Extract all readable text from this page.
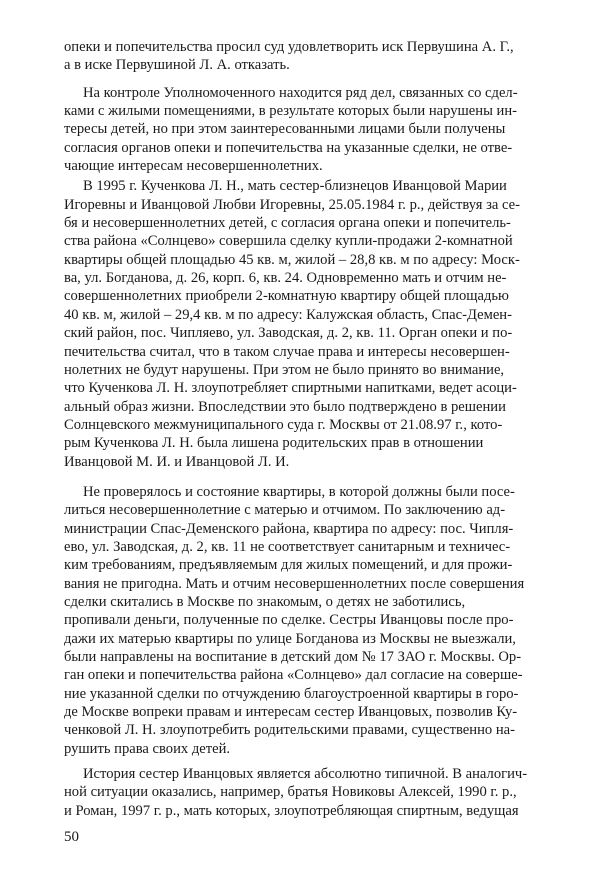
опеки и попечительства просил суд удовлетворить иск Первушина А. Г.,
а в иске Первушиной Л. А. отказать.

На контроле Уполномоченного находится ряд дел, связанных со сдел-
ками с жилыми помещениями, в результате которых были нарушены ин-
тересы детей, но при этом заинтересованными лицами были получены
согласия органов опеки и попечительства на указанные сделки, не отве-
чающие интересам несовершеннолетних.

В 1995 г. Кученкова Л. Н., мать сестер-близнецов Иванцовой Марии
Игоревны и Иванцовой Любви Игоревны, 25.05.1984 г. р., действуя за се-
бя и несовершеннолетних детей, с согласия органа опеки и попечитель-
ства района «Солнцево» совершила сделку купли-продажи 2-комнатной
квартиры общей площадью 45 кв. м, жилой – 28,8 кв. м по адресу: Моск-
ва, ул. Богданова, д. 26, корп. 6, кв. 24. Одновременно мать и отчим не-
совершеннолетних приобрели 2-комнатную квартиру общей площадью
40 кв. м, жилой – 29,4 кв. м по адресу: Калужская область, Спас-Демен-
ский район, пос. Чипляево, ул. Заводская, д. 2, кв. 11. Орган опеки и по-
печительства считал, что в таком случае права и интересы несовершен-
нолетних не будут нарушены. При этом не было принято во внимание,
что Кученкова Л. Н. злоупотребляет спиртными напитками, ведет асоци-
альный образ жизни. Впоследствии это было подтверждено в решении
Солнцевского межмуниципального суда г. Москвы от 21.08.97 г., кото-
рым Кученкова Л. Н. была лишена родительских прав в отношении
Иванцовой М. И. и Иванцовой Л. И.

Не проверялось и состояние квартиры, в которой должны были посе-
литься несовершеннолетние с матерью и отчимом. По заключению ад-
министрации Спас-Деменского района, квартира по адресу: пос. Чипля-
ево, ул. Заводская, д. 2, кв. 11 не соответствует санитарным и техничес-
ким требованиям, предъявляемым для жилых помещений, и для прожи-
вания не пригодна. Мать и отчим несовершеннолетних после совершения
сделки скитались в Москве по знакомым, о детях не заботились,
пропивали деньги, полученные по сделке. Сестры Иванцовы после про-
дажи их матерью квартиры по улице Богданова из Москвы не выезжали,
были направлены на воспитание в детский дом № 17 ЗАО г. Москвы. Ор-
ган опеки и попечительства района «Солнцево» дал согласие на соверше-
ние указанной сделки по отчуждению благоустроенной квартиры в горо-
де Москве вопреки правам и интересам сестер Иванцовых, позволив Ку-
ченковой Л. Н. злоупотребить родительскими правами, существенно на-
рушить права своих детей.

История сестер Иванцовых является абсолютно типичной. В аналогич-
ной ситуации оказались, например, братья Новиковы Алексей, 1990 г. р.,
и Роман, 1997 г. р., мать которых, злоупотребляющая спиртным, ведущая

50
